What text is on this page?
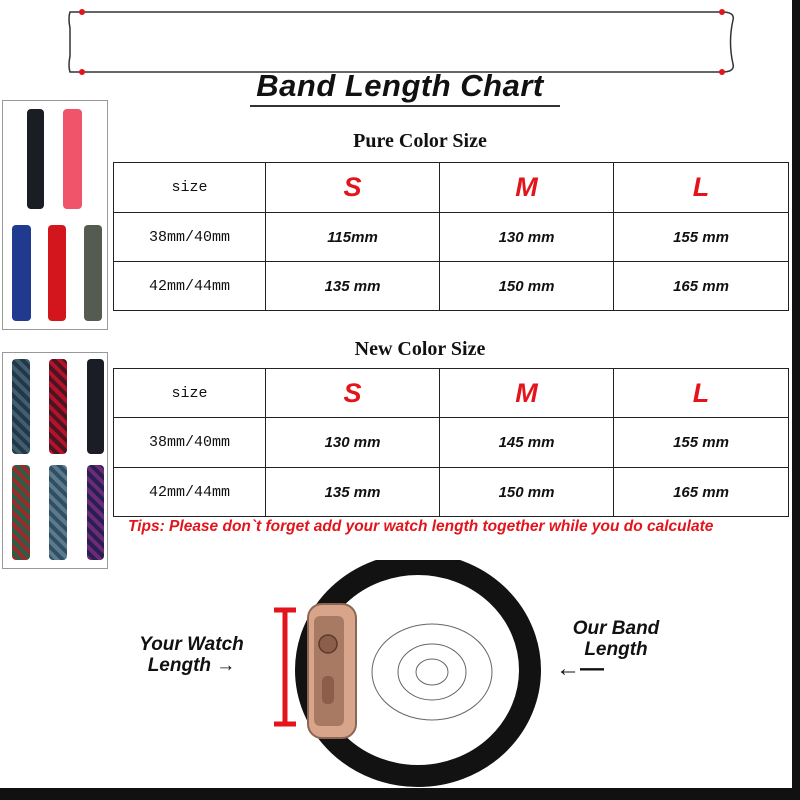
Band Length Chart
Pure Color Size
size	S	M	L
38mm/40mm	115mm	130 mm	155 mm
42mm/44mm	135 mm	150 mm	165 mm
New Color Size
size	S	M	L
38mm/40mm	130 mm	145 mm	155 mm
42mm/44mm	135 mm	150 mm	165 mm
Tips: Please don`t forget add your watch length together while you do calculate
Your Watch Length →
Our Band Length
←—
